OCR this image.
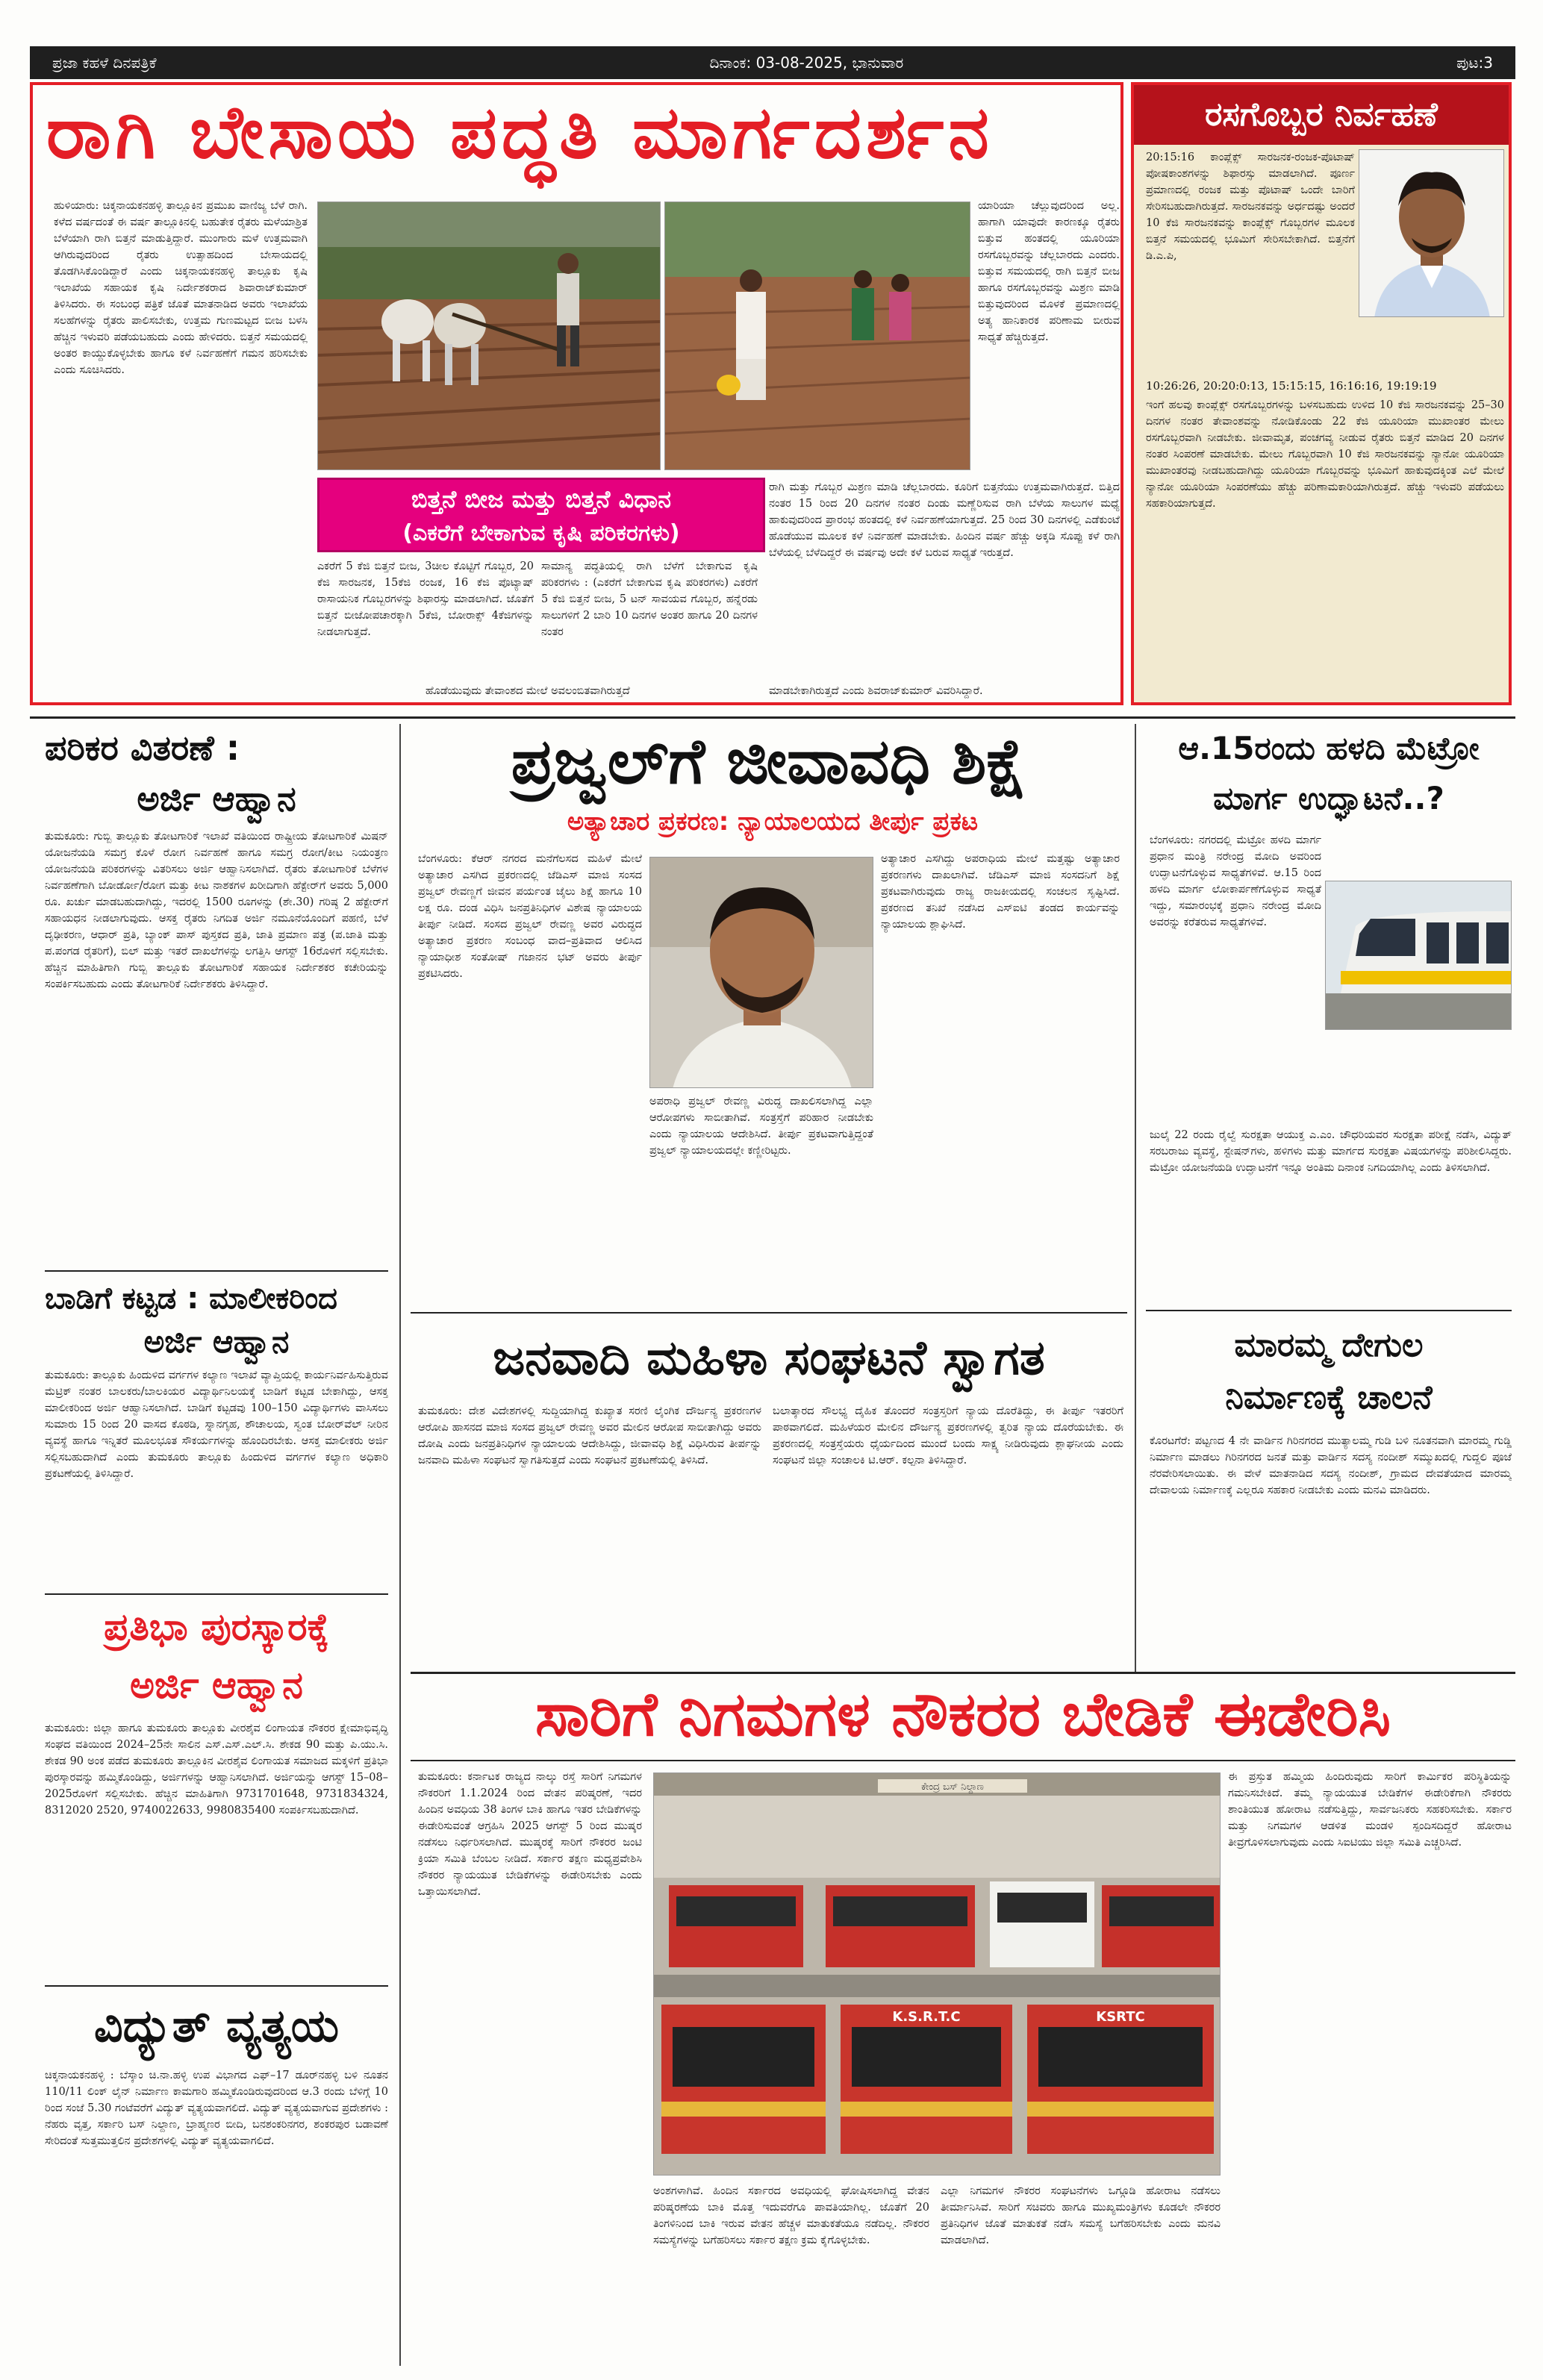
ಪ್ರಜಾ ಕಹಳೆ ದಿನಪತ್ರಿಕೆ	ದಿನಾಂಕ: 03-08-2025, ಭಾನುವಾರ	ಪುಟ:3
ರಾಗಿ ಬೇಸಾಯ ಪದ್ಧತಿ ಮಾರ್ಗದರ್ಶನ
ಹುಳಿಯಾರು: ಚಿಕ್ಕನಾಯಕನಹಳ್ಳಿ ತಾಲ್ಲೂಕಿನ ಪ್ರಮುಖ ವಾಣಿಜ್ಯ ಬೆಳೆ ರಾಗಿ. ಕಳೆದ ವರ್ಷದಂತೆ ಈ ವರ್ಷ ತಾಲ್ಲೂಕಿನಲ್ಲಿ ಬಹುತೇಕ ರೈತರು ಮಳೆಯಾಶ್ರಿತ ಬೆಳೆಯಾಗಿ ರಾಗಿ ಬಿತ್ತನೆ ಮಾಡುತ್ತಿದ್ದಾರೆ. ಮುಂಗಾರು ಮಳೆ ಉತ್ತಮವಾಗಿ ಆಗಿರುವುದರಿಂದ ರೈತರು ಉತ್ಸಾಹದಿಂದ ಬೇಸಾಯದಲ್ಲಿ ತೊಡಗಿಸಿಕೊಂಡಿದ್ದಾರೆ ಎಂದು ಚಿಕ್ಕನಾಯಕನಹಳ್ಳಿ ತಾಲ್ಲೂಕು ಕೃಷಿ ಇಲಾಖೆಯ ಸಹಾಯಕ ಕೃಷಿ ನಿರ್ದೇಶಕರಾದ ಶಿವಾರಾಜ್‌ಕುಮಾರ್ ತಿಳಿಸಿದರು. ಈ ಸಂಬಂಧ ಪತ್ರಿಕೆ ಜೊತೆ ಮಾತನಾಡಿದ ಅವರು ಇಲಾಖೆಯ ಸಲಹೆಗಳನ್ನು ರೈತರು ಪಾಲಿಸಬೇಕು, ಉತ್ತಮ ಗುಣಮಟ್ಟದ ಬೀಜ ಬಳಸಿ ಹೆಚ್ಚಿನ ಇಳುವರಿ ಪಡೆಯಬಹುದು ಎಂದು ಹೇಳಿದರು. ಬಿತ್ತನೆ ಸಮಯದಲ್ಲಿ ಅಂತರ ಕಾಯ್ದುಕೊಳ್ಳಬೇಕು ಹಾಗೂ ಕಳೆ ನಿರ್ವಹಣೆಗೆ ಗಮನ ಹರಿಸಬೇಕು ಎಂದು ಸೂಚಿಸಿದರು.
ಯಾರಿಯಾ ಚೆಲ್ಲುವುದರಿಂದ ಅಲ್ಲ. ಹಾಗಾಗಿ ಯಾವುದೇ ಕಾರಣಕ್ಕೂ ರೈತರು ಬಿತ್ತುವ ಹಂತದಲ್ಲಿ ಯೂರಿಯಾ ರಸಗೊಬ್ಬರವನ್ನು ಚೆಲ್ಲಬಾರದು ಎಂದರು. ಬಿತ್ತುವ ಸಮಯದಲ್ಲಿ ರಾಗಿ ಬಿತ್ತನೆ ಬೀಜ ಹಾಗೂ ರಸಗೊಬ್ಬರವನ್ನು ಮಿಶ್ರಣ ಮಾಡಿ ಬಿತ್ತುವುದರಿಂದ ಮೊಳಕೆ ಪ್ರಮಾಣದಲ್ಲಿ ಅತ್ಯ ಹಾನಿಕಾರಕ ಪರಿಣಾಮ ಬೀರುವ ಸಾಧ್ಯತೆ ಹೆಚ್ಚಿರುತ್ತದೆ.
ಬಿತ್ತನೆ ಬೀಜ ಮತ್ತು ಬಿತ್ತನೆ ವಿಧಾನ
(ಎಕರೆಗೆ ಬೇಕಾಗುವ ಕೃಷಿ ಪರಿಕರಗಳು)
ಎಕರೆಗೆ 5 ಕೆಜಿ ಬಿತ್ತನೆ ಬೀಜ, 3ಚೀಲ ಕೊಟ್ಟಿಗೆ ಗೊಬ್ಬರ, 20 ಕೆಜಿ ಸಾರಜನಕ, 15ಕೆಜಿ ರಂಜಕ, 16 ಕೆಜಿ ಪೊಟ್ಯಾಷ್ ರಾಸಾಯನಿಕ ಗೊಬ್ಬರಗಳನ್ನು ಶಿಫಾರಸ್ಸು ಮಾಡಲಾಗಿದೆ. ಜೊತೆಗೆ ಬಿತ್ತನೆ ಬೀಜೋಪಚಾರಕ್ಕಾಗಿ 5ಕೆಜಿ, ಬೋರಾಕ್ಸ್ 4ಕೆಜಿಗಳನ್ನು ನೀಡಲಾಗುತ್ತದೆ.
ಸಾಮಾನ್ಯ ಪದ್ಧತಿಯಲ್ಲಿ ರಾಗಿ ಬೆಳೆಗೆ ಬೇಕಾಗುವ ಕೃಷಿ ಪರಿಕರಗಳು : (ಎಕರೆಗೆ ಬೇಕಾಗುವ ಕೃಷಿ ಪರಿಕರಗಳು) ಎಕರೆಗೆ 5 ಕೆಜಿ ಬಿತ್ತನೆ ಬೀಜ, 5 ಟನ್ ಸಾವಯವ ಗೊಬ್ಬರ, ಹನ್ನೆರಡು ಸಾಲುಗಳಿಗೆ 2 ಬಾರಿ 10 ದಿನಗಳ ಅಂತರ ಹಾಗೂ 20 ದಿನಗಳ ನಂತರ
ರಾಗಿ ಮತ್ತು ಗೊಬ್ಬರ ಮಿಶ್ರಣ ಮಾಡಿ ಚೆಲ್ಲಬಾರದು. ಕೂರಿಗೆ ಬಿತ್ತನೆಯು ಉತ್ತಮವಾಗಿರುತ್ತದೆ. ಬಿತ್ತಿದ ನಂತರ 15 ರಿಂದ 20 ದಿನಗಳ ನಂತರ ದಿಂಡು ಮಣ್ಣೆರಿಸುವ ರಾಗಿ ಬೆಳೆಯ ಸಾಲುಗಳ ಮಧ್ಯೆ ಹಾಕುವುದರಿಂದ ಪ್ರಾರಂಭ ಹಂತದಲ್ಲಿ ಕಳೆ ನಿರ್ವಹಣೆಯಾಗುತ್ತದೆ. 25 ರಿಂದ 30 ದಿನಗಳಲ್ಲಿ ಎಡೆಕುಂಟೆ ಹೊಡೆಯುವ ಮೂಲಕ ಕಳೆ ನಿರ್ವಹಣೆ ಮಾಡಬೇಕು. ಹಿಂದಿನ ವರ್ಷ ಹೆಚ್ಚು ಅಕ್ಕಡಿ ಸೊಪ್ಪು ಕಳೆ ರಾಗಿ ಬೆಳೆಯಲ್ಲಿ ಬೆಳೆದಿದ್ದರೆ ಈ ವರ್ಷವು ಅದೇ ಕಳೆ ಬರುವ ಸಾಧ್ಯತೆ ಇರುತ್ತದೆ.
ಹೊಡೆಯುವುದು ತೇವಾಂಶದ ಮೇಲೆ ಅವಲಂಬಿತವಾಗಿರುತ್ತದೆ	ಮಾಡಬೇಕಾಗಿರುತ್ತದೆ ಎಂದು ಶಿವರಾಜ್‌ಕುಮಾರ್ ವಿವರಿಸಿದ್ದಾರೆ.
ರಸಗೊಬ್ಬರ ನಿರ್ವಹಣೆ
20:15:16 ಕಾಂಪ್ಲೆಕ್ಸ್ ಸಾರಜನಕ-ರಂಜಕ-ಪೊಟಾಷ್ ಪೋಷಕಾಂಶಗಳನ್ನು ಶಿಫಾರಸ್ಸು ಮಾಡಲಾಗಿದೆ. ಪೂರ್ಣ ಪ್ರಮಾಣದಲ್ಲಿ ರಂಜಕ ಮತ್ತು ಪೊಟಾಷ್ ಒಂದೇ ಬಾರಿಗೆ ಸೇರಿಸಬಹುದಾಗಿರುತ್ತದೆ. ಸಾರಜನಕವನ್ನು ಅರ್ಧದಷ್ಟು ಅಂದರೆ 10 ಕೆಜಿ ಸಾರಜನಕವನ್ನು ಕಾಂಪ್ಲೆಕ್ಸ್ ಗೊಬ್ಬರಗಳ ಮೂಲಕ ಬಿತ್ತನೆ ಸಮಯದಲ್ಲಿ ಭೂಮಿಗೆ ಸೇರಿಸಬೇಕಾಗಿದೆ. ಬಿತ್ತನೆಗೆ ಡಿ.ಎ.ಪಿ,
10:26:26, 20:20:0:13, 15:15:15, 16:16:16, 19:19:19
ಇಂಗೆ ಹಲವು ಕಾಂಪ್ಲೆಕ್ಸ್ ರಸಗೊಬ್ಬರಗಳನ್ನು ಬಳಸಬಹುದು ಉಳಿದ 10 ಕೆಜಿ ಸಾರಜನಕವನ್ನು 25–30 ದಿನಗಳ ನಂತರ ತೇವಾಂಶವನ್ನು ನೋಡಿಕೊಂಡು 22 ಕೆಜಿ ಯೂರಿಯಾ ಮುಖಾಂತರ ಮೇಲು ರಸಗೊಬ್ಬರವಾಗಿ ನೀಡಬೇಕು. ಜೀವಾಮೃತ, ಪಂಚಗವ್ಯ ನೀಡುವ ರೈತರು ಬಿತ್ತನೆ ಮಾಡಿದ 20 ದಿನಗಳ ನಂತರ ಸಿಂಪರಣೆ ಮಾಡಬೇಕು. ಮೇಲು ಗೊಬ್ಬರವಾಗಿ 10 ಕೆಜಿ ಸಾರಜನಕವನ್ನು ನ್ಯಾನೋ ಯೂರಿಯಾ ಮುಖಾಂತರವು ನೀಡಬಹುದಾಗಿದ್ದು ಯೂರಿಯಾ ಗೊಬ್ಬರವನ್ನು ಭೂಮಿಗೆ ಹಾಕುವುದಕ್ಕಿಂತ ಎಲೆ ಮೇಲೆ ನ್ಯಾನೋ ಯೂರಿಯಾ ಸಿಂಪರಣೆಯು ಹೆಚ್ಚು ಪರಿಣಾಮಕಾರಿಯಾಗಿರುತ್ತದೆ. ಹೆಚ್ಚು ಇಳುವರಿ ಪಡೆಯಲು ಸಹಕಾರಿಯಾಗುತ್ತದೆ.
ಪರಿಕರ ವಿತರಣೆ :
ಅರ್ಜಿ ಆಹ್ವಾನ
ತುಮಕೂರು: ಗುಬ್ಬಿ ತಾಲ್ಲೂಕು ತೋಟಗಾರಿಕೆ ಇಲಾಖೆ ವತಿಯಿಂದ ರಾಷ್ಟ್ರೀಯ ತೋಟಗಾರಿಕೆ ಮಿಷನ್ ಯೋಜನೆಯಡಿ ಸಮಗ್ರ ಕೊಳೆ ರೋಗ ನಿರ್ವಹಣೆ ಹಾಗೂ ಸಮಗ್ರ ರೋಗ/ಕೀಟ ನಿಯಂತ್ರಣ ಯೋಜನೆಯಡಿ ಪರಿಕರಗಳನ್ನು ವಿತರಿಸಲು ಅರ್ಜಿ ಆಹ್ವಾನಿಸಲಾಗಿದೆ. ರೈತರು ತೋಟಗಾರಿಕೆ ಬೆಳೆಗಳ ನಿರ್ವಹಣೆಗಾಗಿ ಬೋರ್ಡೋ/ರೋಗ ಮತ್ತು ಕೀಟ ನಾಶಕಗಳ ಖರೀದಿಗಾಗಿ ಹೆಕ್ಟೇರ್‌ಗೆ ಅವರು 5,000 ರೂ. ಖರ್ಚು ಮಾಡಬಹುದಾಗಿದ್ದು, ಇದರಲ್ಲಿ 1500 ರೂಗಳನ್ನು (ಶೇ.30) ಗರಿಷ್ಠ 2 ಹೆಕ್ಟೇರ್‌ಗೆ ಸಹಾಯಧನ ನೀಡಲಾಗುವುದು. ಆಸಕ್ತ ರೈತರು ನಿಗದಿತ ಅರ್ಜಿ ನಮೂನೆಯೊಂದಿಗೆ ಪಹಣಿ, ಬೆಳೆ ದೃಢೀಕರಣ, ಆಧಾರ್ ಪ್ರತಿ, ಬ್ಯಾಂಕ್ ಪಾಸ್ ಪುಸ್ತಕದ ಪ್ರತಿ, ಜಾತಿ ಪ್ರಮಾಣ ಪತ್ರ (ಪ.ಜಾತಿ ಮತ್ತು ಪ.ಪಂಗಡ ರೈತರಿಗೆ), ಬಿಲ್ ಮತ್ತು ಇತರೆ ದಾಖಲೆಗಳನ್ನು ಲಗತ್ತಿಸಿ ಆಗಸ್ಟ್ 16ರೊಳಗೆ ಸಲ್ಲಿಸಬೇಕು. ಹೆಚ್ಚಿನ ಮಾಹಿತಿಗಾಗಿ ಗುಬ್ಬಿ ತಾಲ್ಲೂಕು ತೋಟಗಾರಿಕೆ ಸಹಾಯಕ ನಿರ್ದೇಶಕರ ಕಚೇರಿಯನ್ನು ಸಂಪರ್ಕಿಸಬಹುದು ಎಂದು ತೋಟಗಾರಿಕೆ ನಿರ್ದೇಶಕರು ತಿಳಿಸಿದ್ದಾರೆ.
ಬಾಡಿಗೆ ಕಟ್ಟಡ : ಮಾಲೀಕರಿಂದ
ಅರ್ಜಿ ಆಹ್ವಾನ
ತುಮಕೂರು: ತಾಲ್ಲೂಕು ಹಿಂದುಳಿದ ವರ್ಗಗಳ ಕಲ್ಯಾಣ ಇಲಾಖೆ ವ್ಯಾಪ್ತಿಯಲ್ಲಿ ಕಾರ್ಯನಿರ್ವಹಿಸುತ್ತಿರುವ ಮೆಟ್ರಿಕ್ ನಂತರ ಬಾಲಕರು/ಬಾಲಕಿಯರ ವಿದ್ಯಾರ್ಥಿನಿಲಯಕ್ಕೆ ಬಾಡಿಗೆ ಕಟ್ಟಡ ಬೇಕಾಗಿದ್ದು, ಆಸಕ್ತ ಮಾಲೀಕರಿಂದ ಅರ್ಜಿ ಆಹ್ವಾನಿಸಲಾಗಿದೆ. ಬಾಡಿಗೆ ಕಟ್ಟಡವು 100–150 ವಿದ್ಯಾರ್ಥಿಗಳು ವಾಸಿಸಲು ಸುಮಾರು 15 ರಿಂದ 20 ವಾಸದ ಕೊಠಡಿ, ಸ್ನಾನಗೃಹ, ಶೌಚಾಲಯ, ಸ್ವಂತ ಬೋರ್‌ವೆಲ್ ನೀರಿನ ವ್ಯವಸ್ಥೆ ಹಾಗೂ ಇನ್ನಿತರೆ ಮೂಲಭೂತ ಸೌಕರ್ಯಗಳನ್ನು ಹೊಂದಿರಬೇಕು. ಆಸಕ್ತ ಮಾಲೀಕರು ಅರ್ಜಿ ಸಲ್ಲಿಸಬಹುದಾಗಿದೆ ಎಂದು ತುಮಕೂರು ತಾಲ್ಲೂಕು ಹಿಂದುಳಿದ ವರ್ಗಗಳ ಕಲ್ಯಾಣ ಅಧಿಕಾರಿ ಪ್ರಕಟಣೆಯಲ್ಲಿ ತಿಳಿಸಿದ್ದಾರೆ.
ಪ್ರತಿಭಾ ಪುರಸ್ಕಾರಕ್ಕೆ
ಅರ್ಜಿ ಆಹ್ವಾನ
ತುಮಕೂರು: ಜಿಲ್ಲಾ ಹಾಗೂ ತುಮಕೂರು ತಾಲ್ಲೂಕು ವೀರಶೈವ ಲಿಂಗಾಯತ ನೌಕರರ ಕ್ಷೇಮಾಭಿವೃದ್ಧಿ ಸಂಘದ ವತಿಯಿಂದ 2024–25ನೇ ಸಾಲಿನ ಎಸ್.ಎಸ್.ಎಲ್.ಸಿ. ಶೇಕಡ 90 ಮತ್ತು ಪಿ.ಯು.ಸಿ. ಶೇಕಡ 90 ಅಂಕ ಪಡೆದ ತುಮಕೂರು ತಾಲ್ಲೂಕಿನ ವೀರಶೈವ ಲಿಂಗಾಯತ ಸಮಾಜದ ಮಕ್ಕಳಿಗೆ ಪ್ರತಿಭಾ ಪುರಸ್ಕಾರವನ್ನು ಹಮ್ಮಿಕೊಂಡಿದ್ದು, ಅರ್ಜಿಗಳನ್ನು ಆಹ್ವಾನಿಸಲಾಗಿದೆ. ಅರ್ಜಿಯನ್ನು ಆಗಸ್ಟ್ 15–08–2025ರೊಳಗೆ ಸಲ್ಲಿಸಬೇಕು. ಹೆಚ್ಚಿನ ಮಾಹಿತಿಗಾಗಿ 9731701648, 9731834324, 8312020 2520, 9740022633, 9980835400 ಸಂಪರ್ಕಿಸಬಹುದಾಗಿದೆ.
ವಿದ್ಯುತ್ ವ್ಯತ್ಯಯ
ಚಿಕ್ಕನಾಯಕನಹಳ್ಳಿ : ಬೆಸ್ಕಾಂ ಚಿ.ನಾ.ಹಳ್ಳಿ ಉಪ ವಿಭಾಗದ ಎಫ್–17 ಡೂರ್‌ನಹಳ್ಳಿ ಬಳಿ ನೂತನ 110/11 ಲಿಂಕ್ ಲೈನ್ ನಿರ್ಮಾಣ ಕಾಮಗಾರಿ ಹಮ್ಮಿಕೊಂಡಿರುವುದರಿಂದ ಆ.3 ರಂದು ಬೆಳಿಗ್ಗೆ 10 ರಿಂದ ಸಂಜೆ 5.30 ಗಂಟೆವರೆಗೆ ವಿದ್ಯುತ್ ವ್ಯತ್ಯಯವಾಗಲಿದೆ. ವಿದ್ಯುತ್ ವ್ಯತ್ಯಯವಾಗುವ ಪ್ರದೇಶಗಳು : ನೆಹರು ವೃತ್ತ, ಸರ್ಕಾರಿ ಬಸ್ ನಿಲ್ದಾಣ, ಬ್ರಾಹ್ಮಣರ ಬೀದಿ, ಬನಶಂಕರಿನಗರ, ಶಂಕರಪುರ ಬಡಾವಣೆ ಸೇರಿದಂತೆ ಸುತ್ತಮುತ್ತಲಿನ ಪ್ರದೇಶಗಳಲ್ಲಿ ವಿದ್ಯುತ್ ವ್ಯತ್ಯಯವಾಗಲಿದೆ.
ಪ್ರಜ್ವಲ್‌ಗೆ ಜೀವಾವಧಿ ಶಿಕ್ಷೆ
ಅತ್ಯಾಚಾರ ಪ್ರಕರಣ: ನ್ಯಾಯಾಲಯದ ತೀರ್ಪು ಪ್ರಕಟ
ಬೆಂಗಳೂರು: ಕೆಆರ್ ನಗರದ ಮನೆಗೆಲಸದ ಮಹಿಳೆ ಮೇಲೆ ಅತ್ಯಾಚಾರ ಎಸಗಿದ ಪ್ರಕರಣದಲ್ಲಿ ಜೆಡಿಎಸ್ ಮಾಜಿ ಸಂಸದ ಪ್ರಜ್ವಲ್ ರೇವಣ್ಣಗೆ ಜೀವನ ಪರ್ಯಂತ ಜೈಲು ಶಿಕ್ಷೆ ಹಾಗೂ 10 ಲಕ್ಷ ರೂ. ದಂಡ ವಿಧಿಸಿ ಜನಪ್ರತಿನಿಧಿಗಳ ವಿಶೇಷ ನ್ಯಾಯಾಲಯ ತೀರ್ಪು ನೀಡಿದೆ. ಸಂಸದ ಪ್ರಜ್ವಲ್ ರೇವಣ್ಣ ಅವರ ವಿರುದ್ಧದ ಅತ್ಯಾಚಾರ ಪ್ರಕರಣ ಸಂಬಂಧ ವಾದ–ಪ್ರತಿವಾದ ಆಲಿಸಿದ ನ್ಯಾಯಾಧೀಶ ಸಂತೋಷ್ ಗಜಾನನ ಭಟ್ ಅವರು ತೀರ್ಪು ಪ್ರಕಟಿಸಿದರು.
ಅಪರಾಧಿ ಪ್ರಜ್ವಲ್ ರೇವಣ್ಣ ವಿರುದ್ಧ ದಾಖಲಿಸಲಾಗಿದ್ದ ಎಲ್ಲಾ ಆರೋಪಗಳು ಸಾಬೀತಾಗಿವೆ. ಸಂತ್ರಸ್ತೆಗೆ ಪರಿಹಾರ ನೀಡಬೇಕು ಎಂದು ನ್ಯಾಯಾಲಯ ಆದೇಶಿಸಿದೆ. ತೀರ್ಪು ಪ್ರಕಟವಾಗುತ್ತಿದ್ದಂತೆ ಪ್ರಜ್ವಲ್ ನ್ಯಾಯಾಲಯದಲ್ಲೇ ಕಣ್ಣೀರಿಟ್ಟರು.
ಅತ್ಯಾಚಾರ ಎಸಗಿದ್ದು ಅಪರಾಧಿಯ ಮೇಲೆ ಮತ್ತಷ್ಟು ಅತ್ಯಾಚಾರ ಪ್ರಕರಣಗಳು ದಾಖಲಾಗಿವೆ. ಜೆಡಿಎಸ್ ಮಾಜಿ ಸಂಸದನಿಗೆ ಶಿಕ್ಷೆ ಪ್ರಕಟವಾಗಿರುವುದು ರಾಜ್ಯ ರಾಜಕೀಯದಲ್ಲಿ ಸಂಚಲನ ಸೃಷ್ಟಿಸಿದೆ. ಪ್ರಕರಣದ ತನಿಖೆ ನಡೆಸಿದ ಎಸ್‌ಐಟಿ ತಂಡದ ಕಾರ್ಯವನ್ನು ನ್ಯಾಯಾಲಯ ಶ್ಲಾಘಿಸಿದೆ.
ಜನವಾದಿ ಮಹಿಳಾ ಸಂಘಟನೆ ಸ್ವಾಗತ
ತುಮಕೂರು: ದೇಶ ವಿದೇಶಗಳಲ್ಲಿ ಸುದ್ದಿಯಾಗಿದ್ದ ಕುಖ್ಯಾತ ಸರಣಿ ಲೈಂಗಿಕ ದೌರ್ಜನ್ಯ ಪ್ರಕರಣಗಳ ಆರೋಪಿ ಹಾಸನದ ಮಾಜಿ ಸಂಸದ ಪ್ರಜ್ವಲ್ ರೇವಣ್ಣ ಅವರ ಮೇಲಿನ ಆರೋಪ ಸಾಬೀತಾಗಿದ್ದು ಅವರು ದೋಷಿ ಎಂದು ಜನಪ್ರತಿನಿಧಿಗಳ ನ್ಯಾಯಾಲಯ ಆದೇಶಿಸಿದ್ದು, ಜೀವಾವಧಿ ಶಿಕ್ಷೆ ವಿಧಿಸಿರುವ ತೀರ್ಪನ್ನು ಜನವಾದಿ ಮಹಿಳಾ ಸಂಘಟನೆ ಸ್ವಾಗತಿಸುತ್ತದೆ ಎಂದು ಸಂಘಟನೆ ಪ್ರಕಟಣೆಯಲ್ಲಿ ತಿಳಿಸಿದೆ.
ಬಲಾತ್ಕಾರದ ಸೌಲಭ್ಯ ದೈಹಿಕ ತೊಂದರೆ ಸಂತ್ರಸ್ತರಿಗೆ ನ್ಯಾಯ ದೊರೆತಿದ್ದು, ಈ ತೀರ್ಪು ಇತರರಿಗೆ ಪಾಠವಾಗಲಿದೆ. ಮಹಿಳೆಯರ ಮೇಲಿನ ದೌರ್ಜನ್ಯ ಪ್ರಕರಣಗಳಲ್ಲಿ ತ್ವರಿತ ನ್ಯಾಯ ದೊರೆಯಬೇಕು. ಈ ಪ್ರಕರಣದಲ್ಲಿ ಸಂತ್ರಸ್ತೆಯರು ಧೈರ್ಯದಿಂದ ಮುಂದೆ ಬಂದು ಸಾಕ್ಷ್ಯ ನೀಡಿರುವುದು ಶ್ಲಾಘನೀಯ ಎಂದು ಸಂಘಟನೆ ಜಿಲ್ಲಾ ಸಂಚಾಲಕಿ ಟಿ.ಆರ್. ಕಲ್ಪನಾ ತಿಳಿಸಿದ್ದಾರೆ.
ಆ.15ರಂದು ಹಳದಿ ಮೆಟ್ರೋ
ಮಾರ್ಗ ಉದ್ಘಾಟನೆ..?
ಬೆಂಗಳೂರು: ನಗರದಲ್ಲಿ ಮೆಟ್ರೋ ಹಳದಿ ಮಾರ್ಗ ಪ್ರಧಾನ ಮಂತ್ರಿ ನರೇಂದ್ರ ಮೋದಿ ಅವರಿಂದ ಉದ್ಘಾಟನೆಗೊಳ್ಳುವ ಸಾಧ್ಯತೆಗಳಿವೆ. ಆ.15 ರಿಂದ ಹಳದಿ ಮಾರ್ಗ ಲೋಕಾರ್ಪಣೆಗೊಳ್ಳುವ ಸಾಧ್ಯತೆ ಇದ್ದು, ಸಮಾರಂಭಕ್ಕೆ ಪ್ರಧಾನಿ ನರೇಂದ್ರ ಮೋದಿ ಅವರನ್ನು ಕರೆತರುವ ಸಾಧ್ಯತೆಗಳಿವೆ.
ಜುಲೈ 22 ರಂದು ರೈಲ್ವೆ ಸುರಕ್ಷತಾ ಆಯುಕ್ತ ಎ.ಎಂ. ಚೌಧರಿಯವರ ಸುರಕ್ಷತಾ ಪರೀಕ್ಷೆ ನಡೆಸಿ, ವಿದ್ಯುತ್ ಸರಬರಾಜು ವ್ಯವಸ್ಥೆ, ಸ್ಟೇಷನ್‌ಗಳು, ಹಳಿಗಳು ಮತ್ತು ಮಾರ್ಗದ ಸುರಕ್ಷತಾ ವಿಷಯಗಳನ್ನು ಪರಿಶೀಲಿಸಿದ್ದರು. ಮೆಟ್ರೋ ಯೋಜನೆಯಡಿ ಉದ್ಘಾಟನೆಗೆ ಇನ್ನೂ ಅಂತಿಮ ದಿನಾಂಕ ನಿಗದಿಯಾಗಿಲ್ಲ ಎಂದು ತಿಳಿಸಲಾಗಿದೆ.
ಮಾರಮ್ಮ ದೇಗುಲ
ನಿರ್ಮಾಣಕ್ಕೆ ಚಾಲನೆ
ಕೊರಟಗೆರೆ: ಪಟ್ಟಣದ 4 ನೇ ವಾರ್ಡಿನ ಗಿರಿನಗರದ ಮುತ್ಯಾಲಮ್ಮ ಗುಡಿ ಬಳಿ ನೂತನವಾಗಿ ಮಾರಮ್ಮ ಗುಡ್ಡಿ ನಿರ್ಮಾಣ ಮಾಡಲು ಗಿರಿನಗರದ ಜನತೆ ಮತ್ತು ವಾರ್ಡಿನ ಸದಸ್ಯ ನಂದೀಶ್ ಸಮ್ಮುಖದಲ್ಲಿ ಗುದ್ದಲಿ ಪೂಜೆ ನೆರವೇರಿಸಲಾಯಿತು. ಈ ವೇಳೆ ಮಾತನಾಡಿದ ಸದಸ್ಯ ನಂದೀಶ್, ಗ್ರಾಮದ ದೇವತೆಯಾದ ಮಾರಮ್ಮ ದೇವಾಲಯ ನಿರ್ಮಾಣಕ್ಕೆ ಎಲ್ಲರೂ ಸಹಕಾರ ನೀಡಬೇಕು ಎಂದು ಮನವಿ ಮಾಡಿದರು.
ಸಾರಿಗೆ ನಿಗಮಗಳ ನೌಕರರ ಬೇಡಿಕೆ ಈಡೇರಿಸಿ
ತುಮಕೂರು: ಕರ್ನಾಟಕ ರಾಜ್ಯದ ನಾಲ್ಕು ರಸ್ತೆ ಸಾರಿಗೆ ನಿಗಮಗಳ ನೌಕರರಿಗೆ 1.1.2024 ರಿಂದ ವೇತನ ಪರಿಷ್ಕರಣೆ, ಇದರ ಹಿಂದಿನ ಅವಧಿಯ 38 ತಿಂಗಳ ಬಾಕಿ ಹಾಗೂ ಇತರ ಬೇಡಿಕೆಗಳನ್ನು ಈಡೇರಿಸುವಂತೆ ಆಗ್ರಹಿಸಿ 2025 ಆಗಸ್ಟ್ 5 ರಿಂದ ಮುಷ್ಕರ ನಡೆಸಲು ನಿರ್ಧರಿಸಲಾಗಿದೆ. ಮುಷ್ಕರಕ್ಕೆ ಸಾರಿಗೆ ನೌಕರರ ಜಂಟಿ ಕ್ರಿಯಾ ಸಮಿತಿ ಬೆಂಬಲ ನೀಡಿದೆ. ಸರ್ಕಾರ ತಕ್ಷಣ ಮಧ್ಯಪ್ರವೇಶಿಸಿ ನೌಕರರ ನ್ಯಾಯಯುತ ಬೇಡಿಕೆಗಳನ್ನು ಈಡೇರಿಸಬೇಕು ಎಂದು ಒತ್ತಾಯಿಸಲಾಗಿದೆ.
ಕೇಂದ್ರ ಬಸ್ ನಿಲ್ದಾಣ
K.S.R.T.C	KSRTC
ಅಂಶಗಳಾಗಿವೆ. ಹಿಂದಿನ ಸರ್ಕಾರದ ಅವಧಿಯಲ್ಲಿ ಘೋಷಿಸಲಾಗಿದ್ದ ವೇತನ ಪರಿಷ್ಕರಣೆಯ ಬಾಕಿ ಮೊತ್ತ ಇದುವರೆಗೂ ಪಾವತಿಯಾಗಿಲ್ಲ. ಜೊತೆಗೆ 20 ತಿಂಗಳಿನಿಂದ ಬಾಕಿ ಇರುವ ವೇತನ ಹೆಚ್ಚಳ ಮಾತುಕತೆಯೂ ನಡೆದಿಲ್ಲ. ನೌಕರರ ಸಮಸ್ಯೆಗಳನ್ನು ಬಗೆಹರಿಸಲು ಸರ್ಕಾರ ತಕ್ಷಣ ಕ್ರಮ ಕೈಗೊಳ್ಳಬೇಕು.
ಎಲ್ಲಾ ನಿಗಮಗಳ ನೌಕರರ ಸಂಘಟನೆಗಳು ಒಗ್ಗೂಡಿ ಹೋರಾಟ ನಡೆಸಲು ತೀರ್ಮಾನಿಸಿವೆ. ಸಾರಿಗೆ ಸಚಿವರು ಹಾಗೂ ಮುಖ್ಯಮಂತ್ರಿಗಳು ಕೂಡಲೇ ನೌಕರರ ಪ್ರತಿನಿಧಿಗಳ ಜೊತೆ ಮಾತುಕತೆ ನಡೆಸಿ ಸಮಸ್ಯೆ ಬಗೆಹರಿಸಬೇಕು ಎಂದು ಮನವಿ ಮಾಡಲಾಗಿದೆ.
ಈ ಪ್ರಸ್ತುತ ಹಮ್ಮಿಯ ಹಿಂದಿರುವುದು ಸಾರಿಗೆ ಕಾರ್ಮಿಕರ ಪರಿಸ್ಥಿತಿಯನ್ನು ಗಮನಿಸಬೇಕಿದೆ. ತಮ್ಮ ನ್ಯಾಯಯುತ ಬೇಡಿಕೆಗಳ ಈಡೇರಿಕೆಗಾಗಿ ನೌಕರರು ಶಾಂತಿಯುತ ಹೋರಾಟ ನಡೆಸುತ್ತಿದ್ದು, ಸಾರ್ವಜನಿಕರು ಸಹಕರಿಸಬೇಕು. ಸರ್ಕಾರ ಮತ್ತು ನಿಗಮಗಳ ಆಡಳಿತ ಮಂಡಳಿ ಸ್ಪಂದಿಸದಿದ್ದರೆ ಹೋರಾಟ ತೀವ್ರಗೊಳಿಸಲಾಗುವುದು ಎಂದು ಸಿಐಟಿಯು ಜಿಲ್ಲಾ ಸಮಿತಿ ಎಚ್ಚರಿಸಿದೆ.
